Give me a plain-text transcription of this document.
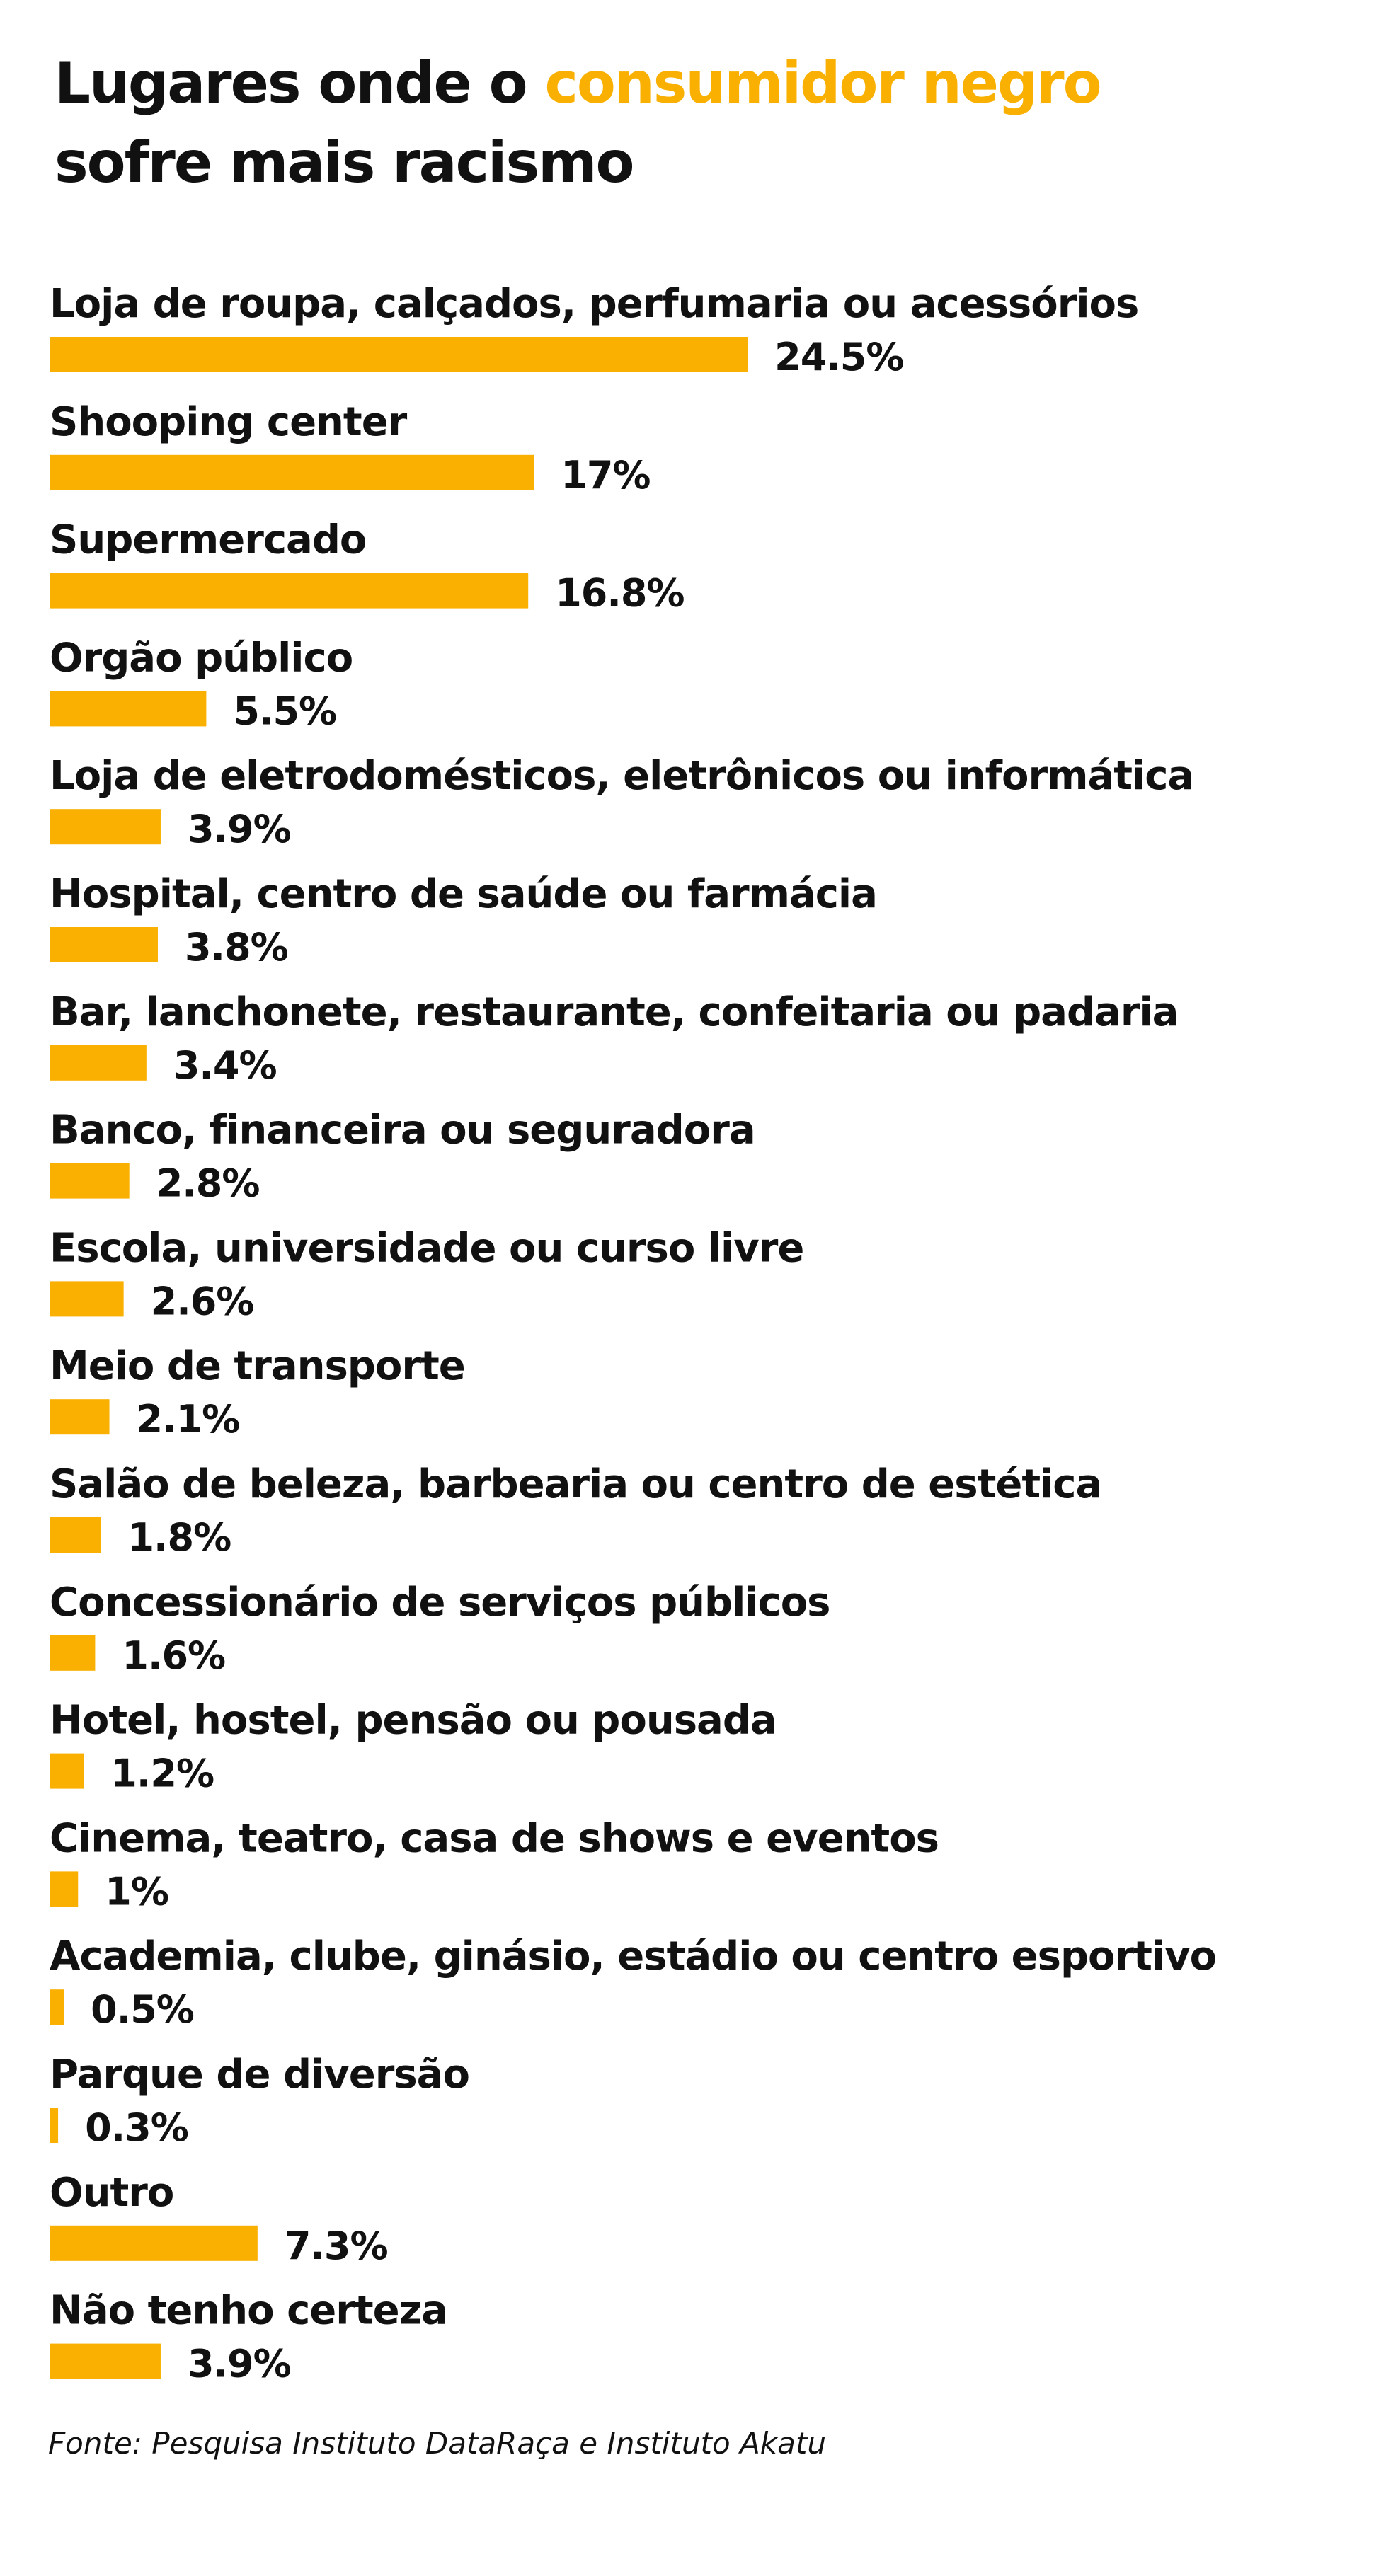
Lugares onde o consumidor negro
sofre mais racismo
Loja de roupa, calçados, perfumaria ou acessórios
24.5%
Shooping center
17%
Supermercado
16.8%
Orgão público
5.5%
Loja de eletrodomésticos, eletrônicos ou informática
3.9%
Hospital, centro de saúde ou farmácia
3.8%
Bar, lanchonete, restaurante, confeitaria ou padaria
3.4%
Banco, financeira ou seguradora
2.8%
Escola, universidade ou curso livre
2.6%
Meio de transporte
2.1%
Salão de beleza, barbearia ou centro de estética
1.8%
Concessionário de serviços públicos
1.6%
Hotel, hostel, pensão ou pousada
1.2%
Cinema, teatro, casa de shows e eventos
1%
Academia, clube, ginásio, estádio ou centro esportivo
0.5%
Parque de diversão
0.3%
Outro
7.3%
Não tenho certeza
3.9%

Fonte: Pesquisa Instituto DataRaça e Instituto Akatu
